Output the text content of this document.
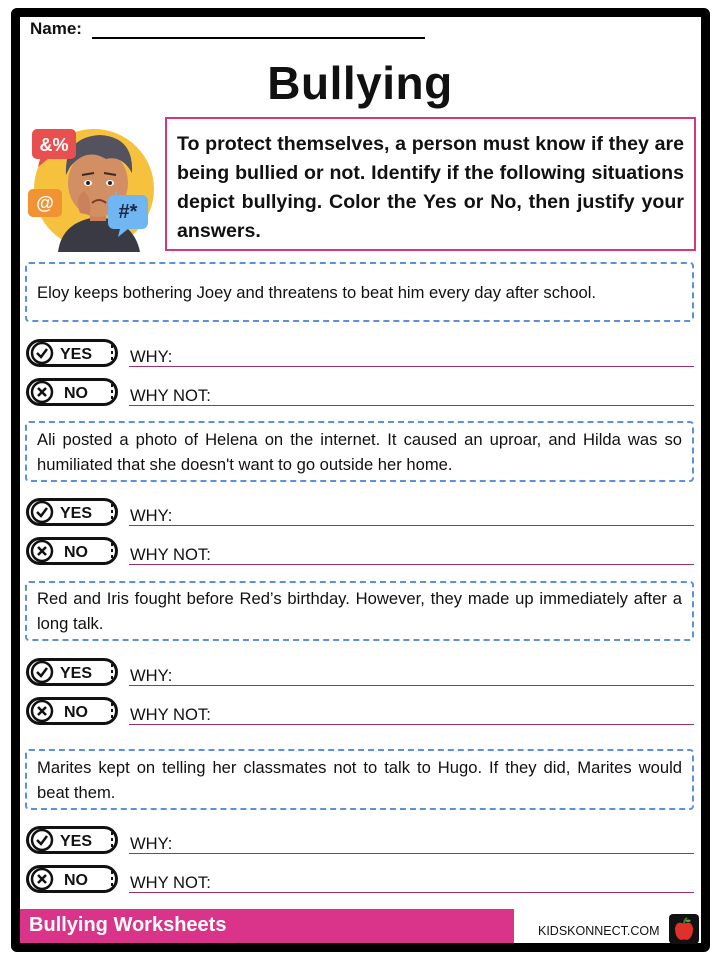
Name:
Bullying
&%
@	#*
To protect themselves, a person must know if they are being bullied or not. Identify if the following situations depict bullying. Color the Yes or No, then justify your answers.
Eloy keeps bothering Joey and threatens to beat him every day after school.
YES WHY:
NO	WHY NOT:
Ali posted a photo of Helena on the internet. It caused an uproar, and Hilda was so humiliated that she doesn't want to go outside her home.
YES WHY:
NO	WHY NOT:
Red and Iris fought before Red’s birthday. However, they made up immediately after a long talk.
YES WHY:
NO	WHY NOT:
Marites kept on telling her classmates not to talk to Hugo. If they did, Marites would beat them.
YES WHY:
NO	WHY NOT:
Bullying Worksheets	KIDSKONNECT.COM
